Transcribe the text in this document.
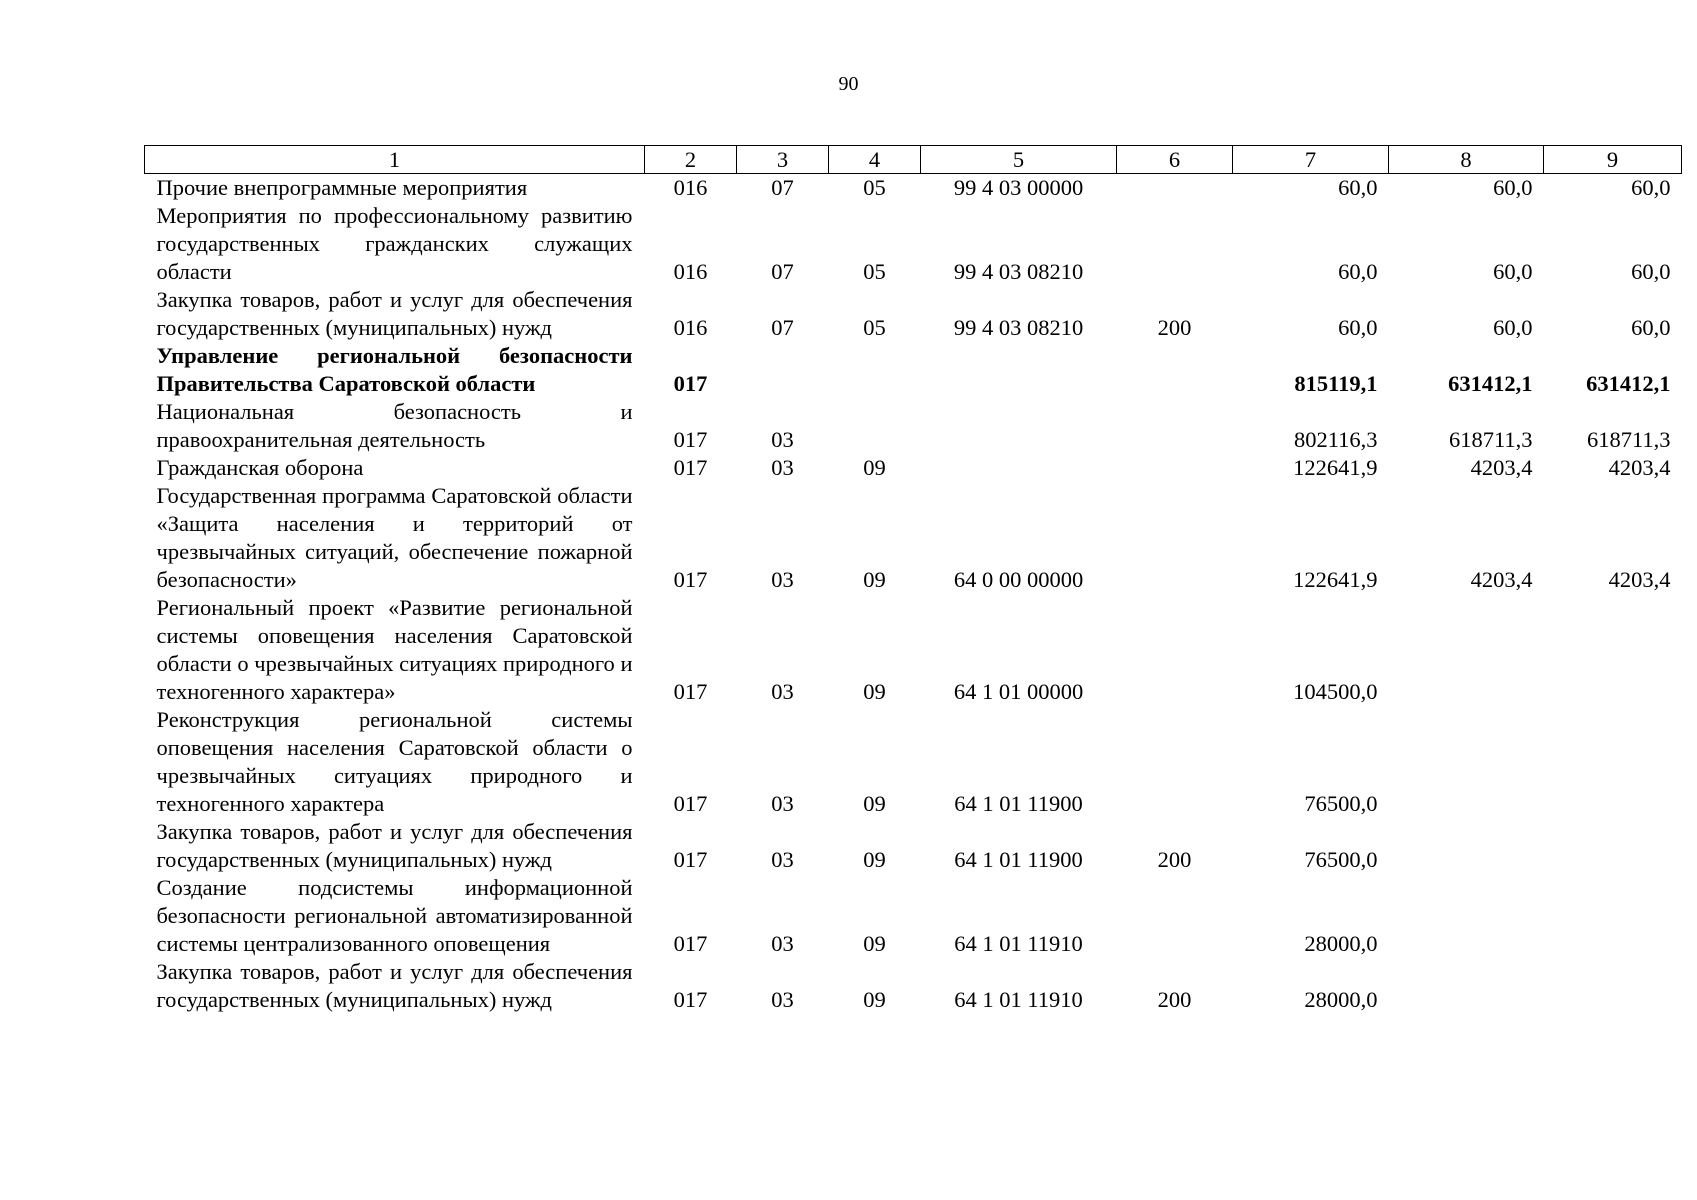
90
1	2	3	4	5	6	7	8	9
Прочие внепрограммные мероприятия	016	07	05	99 4 03 00000		60,0	60,0	60,0
Мероприятия по профессиональному развитию государственных гражданских служащих области	016	07	05	99 4 03 08210		60,0	60,0	60,0
Закупка товаров, работ и услуг для обеспечения государственных (муниципальных) нужд	016	07	05	99 4 03 08210	200	60,0	60,0	60,0
Управление региональной безопасности Правительства Саратовской области	017					815119,1	631412,1	631412,1
Национальная безопасность и правоохранительная деятельность	017	03				802116,3	618711,3	618711,3
Гражданская оборона	017	03	09			122641,9	4203,4	4203,4
Государственная программа Саратовской области «Защита населения и территорий от чрезвычайных ситуаций, обеспечение пожарной безопасности»	017	03	09	64 0 00 00000		122641,9	4203,4	4203,4
Региональный проект «Развитие региональной системы оповещения населения Саратовской области о чрезвычайных ситуациях природного и техногенного характера»	017	03	09	64 1 01 00000		104500,0		
Реконструкция региональной системы оповещения населения Саратовской области о чрезвычайных ситуациях природного и техногенного характера	017	03	09	64 1 01 11900		76500,0		
Закупка товаров, работ и услуг для обеспечения государственных (муниципальных) нужд	017	03	09	64 1 01 11900	200	76500,0		
Создание подсистемы информационной безопасности региональной автоматизированной системы централизованного оповещения	017	03	09	64 1 01 11910		28000,0		
Закупка товаров, работ и услуг для обеспечения государственных (муниципальных) нужд	017	03	09	64 1 01 11910	200	28000,0		
